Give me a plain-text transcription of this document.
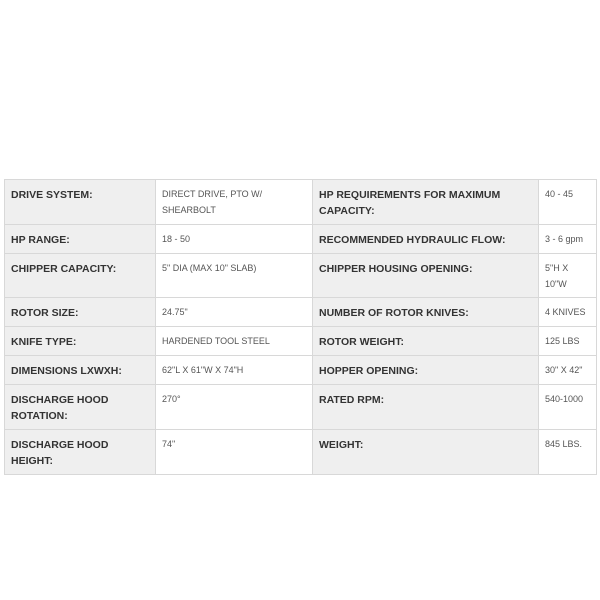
DRIVE SYSTEM:	DIRECT DRIVE, PTO W/ SHEARBOLT	HP REQUIREMENTS FOR MAXIMUM CAPACITY:	40 - 45
HP RANGE:	18 - 50	RECOMMENDED HYDRAULIC FLOW:	3 - 6 gpm
CHIPPER CAPACITY:	5" DIA (MAX 10" SLAB)	CHIPPER HOUSING OPENING:	5"H X 10"W
ROTOR SIZE:	24.75"	NUMBER OF ROTOR KNIVES:	4 KNIVES
KNIFE TYPE:	HARDENED TOOL STEEL	ROTOR WEIGHT:	125 LBS
DIMENSIONS LXWXH:	62"L X 61"W X 74"H	HOPPER OPENING:	30" X 42"
DISCHARGE HOOD ROTATION:	270°	RATED RPM:	540-1000
DISCHARGE HOOD HEIGHT:	74"	WEIGHT:	845 LBS.
